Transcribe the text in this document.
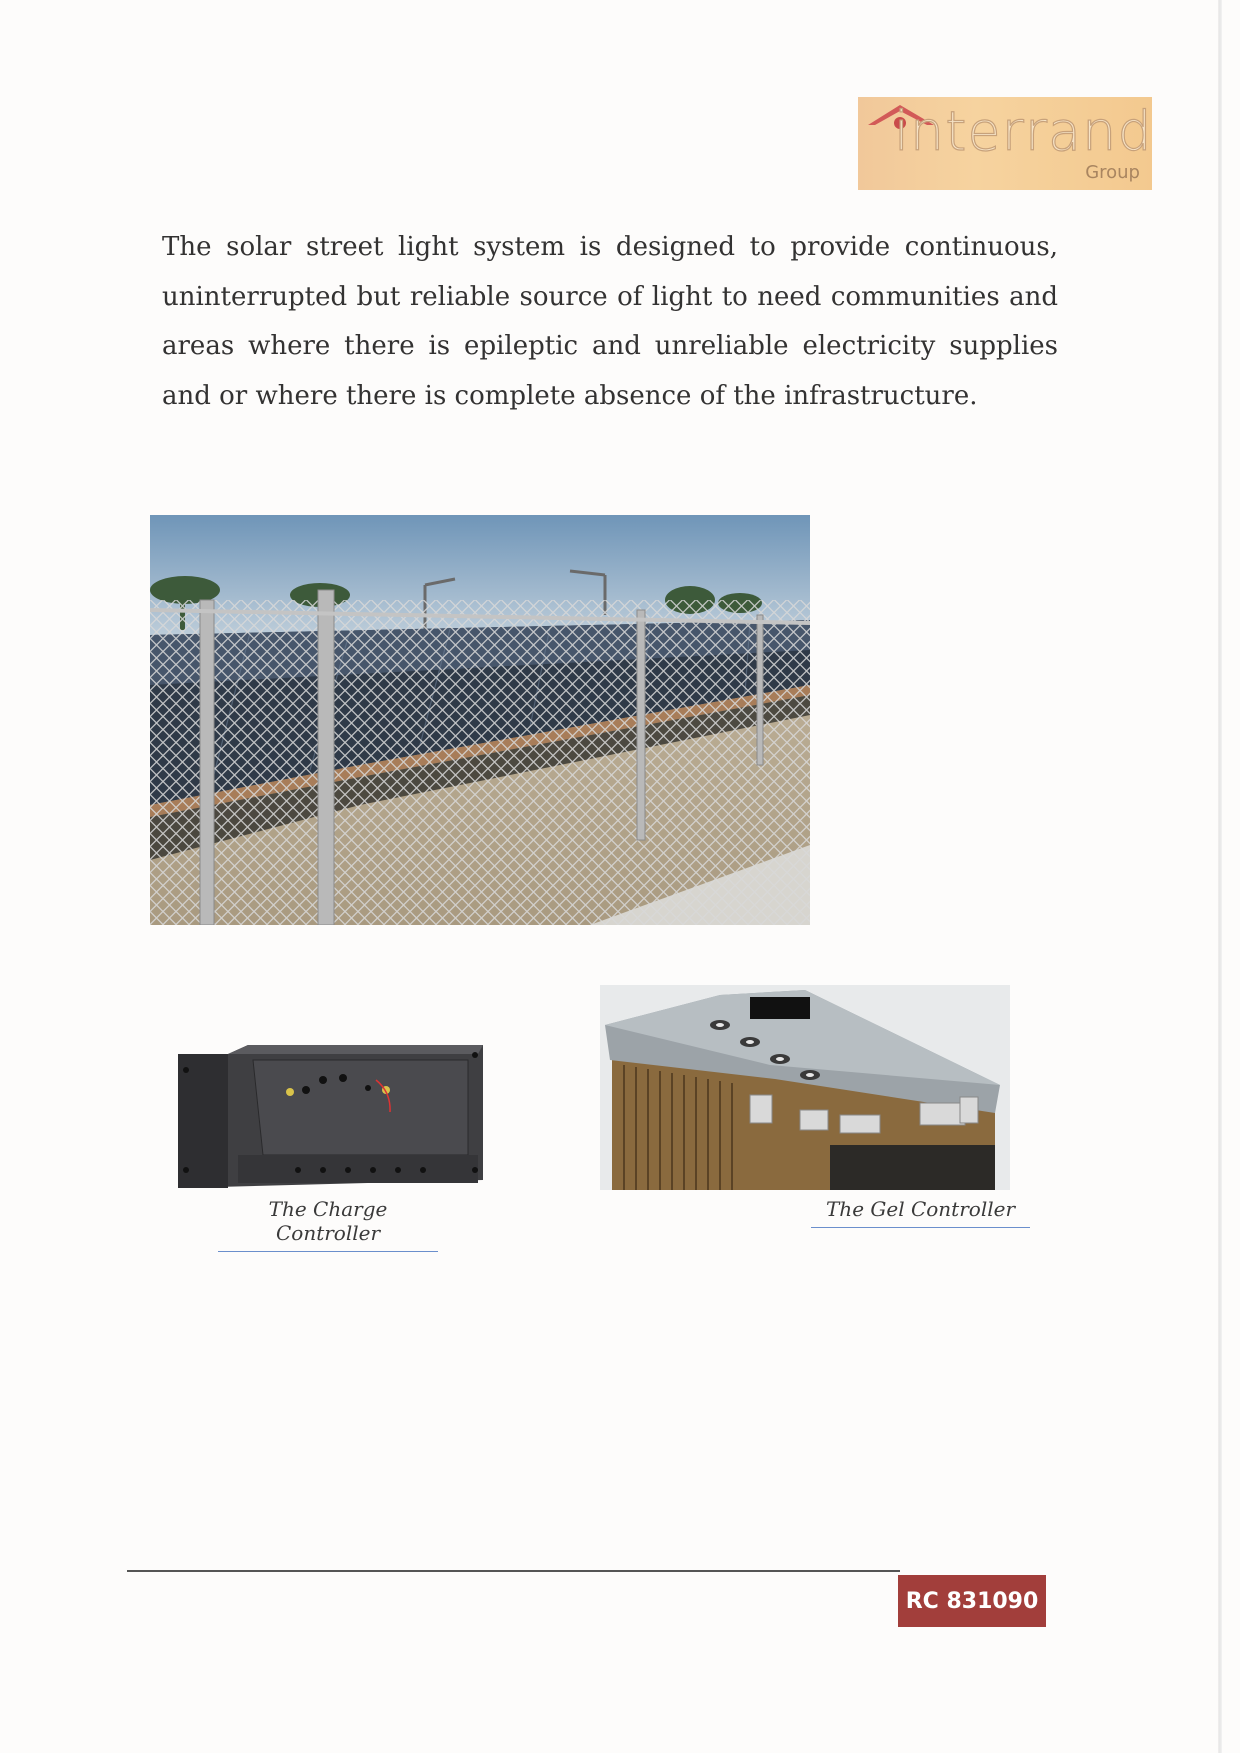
interrand
Group

The solar street light system is designed to provide continuous, uninterrupted but reliable source of light to need communities and areas where there is epileptic and unreliable electricity supplies and or where there is complete absence of the infrastructure.

The Charge Controller
The Gel Controller
RC 831090
